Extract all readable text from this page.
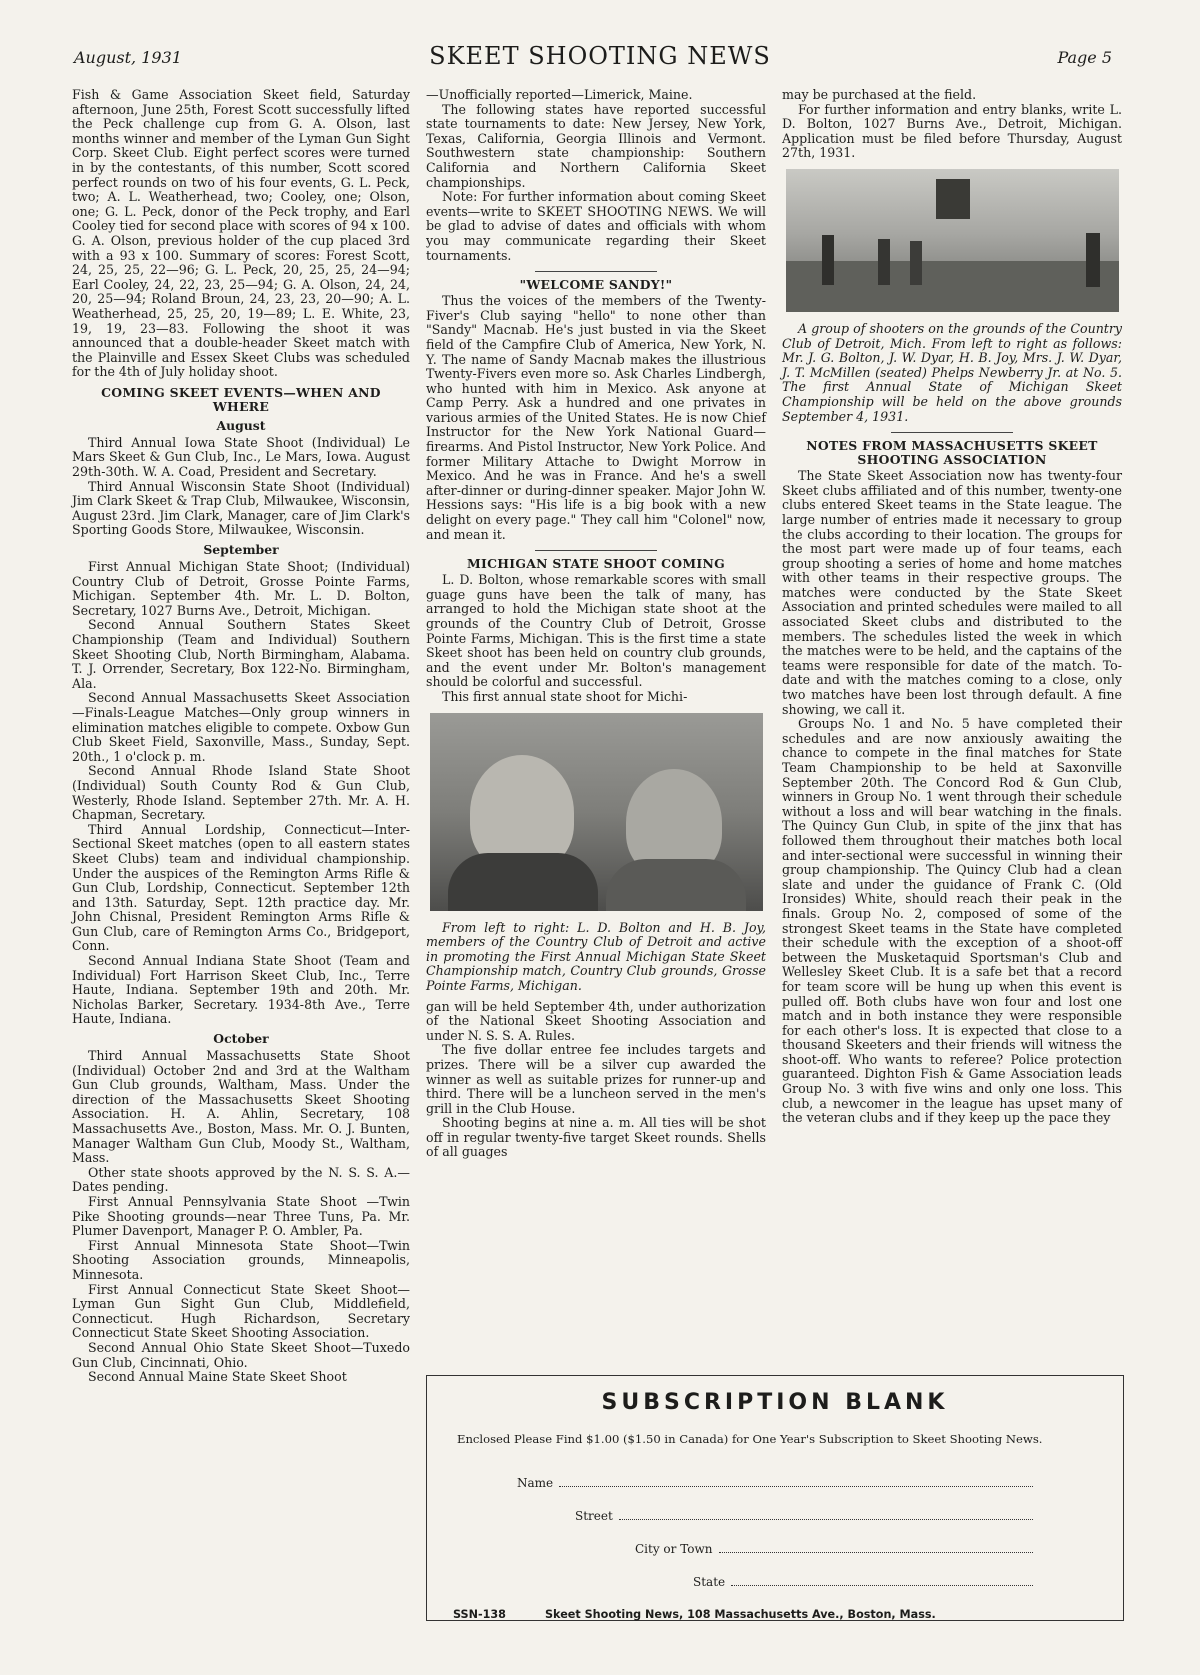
August, 1931	SKEET SHOOTING NEWS	Page 5

Fish & Game Association Skeet field, Saturday afternoon, June 25th, Forest Scott successfully lifted the Peck challenge cup from G. A. Olson, last months winner and member of the Lyman Gun Sight Corp. Skeet Club. Eight perfect scores were turned in by the contestants, of this number, Scott scored perfect rounds on two of his four events, G. L. Peck, two; A. L. Weatherhead, two; Cooley, one; Olson, one; G. L. Peck, donor of the Peck trophy, and Earl Cooley tied for second place with scores of 94 x 100. G. A. Olson, previous holder of the cup placed 3rd with a 93 x 100. Summary of scores: Forest Scott, 24, 25, 25, 22—96; G. L. Peck, 20, 25, 25, 24—94; Earl Cooley, 24, 22, 23, 25—94; G. A. Olson, 24, 24, 20, 25—94; Roland Broun, 24, 23, 23, 20—90; A. L. Weatherhead, 25, 25, 20, 19—89; L. E. White, 23, 19, 19, 23—83. Following the shoot it was announced that a double-header Skeet match with the Plainville and Essex Skeet Clubs was scheduled for the 4th of July holiday shoot.

COMING SKEET EVENTS—WHEN AND WHERE
August

Third Annual Iowa State Shoot (Individual) Le Mars Skeet & Gun Club, Inc., Le Mars, Iowa. August 29th-30th. W. A. Coad, President and Secretary.

Third Annual Wisconsin State Shoot (Individual) Jim Clark Skeet & Trap Club, Milwaukee, Wisconsin, August 23rd. Jim Clark, Manager, care of Jim Clark's Sporting Goods Store, Milwaukee, Wisconsin.

September

First Annual Michigan State Shoot; (Individual) Country Club of Detroit, Grosse Pointe Farms, Michigan. September 4th. Mr. L. D. Bolton, Secretary, 1027 Burns Ave., Detroit, Michigan.

Second Annual Southern States Skeet Championship (Team and Individual) Southern Skeet Shooting Club, North Birmingham, Alabama. T. J. Orrender, Secretary, Box 122-No. Birmingham, Ala.

Second Annual Massachusetts Skeet Association—Finals-League Matches—Only group winners in elimination matches eligible to compete. Oxbow Gun Club Skeet Field, Saxonville, Mass., Sunday, Sept. 20th., 1 o'clock p. m.

Second Annual Rhode Island State Shoot (Individual) South County Rod & Gun Club, Westerly, Rhode Island. September 27th. Mr. A. H. Chapman, Secretary.

Third Annual Lordship, Connecticut—Inter-Sectional Skeet matches (open to all eastern states Skeet Clubs) team and individual championship. Under the auspices of the Remington Arms Rifle & Gun Club, Lordship, Connecticut. September 12th and 13th. Saturday, Sept. 12th practice day. Mr. John Chisnal, President Remington Arms Rifle & Gun Club, care of Remington Arms Co., Bridgeport, Conn.

Second Annual Indiana State Shoot (Team and Individual) Fort Harrison Skeet Club, Inc., Terre Haute, Indiana. September 19th and 20th. Mr. Nicholas Barker, Secretary. 1934-8th Ave., Terre Haute, Indiana.

October

Third Annual Massachusetts State Shoot (Individual) October 2nd and 3rd at the Waltham Gun Club grounds, Waltham, Mass. Under the direction of the Massachusetts Skeet Shooting Association. H. A. Ahlin, Secretary, 108 Massachusetts Ave., Boston, Mass. Mr. O. J. Bunten, Manager Waltham Gun Club, Moody St., Waltham, Mass.

Other state shoots approved by the N. S. S. A.—Dates pending.

First Annual Pennsylvania State Shoot —Twin Pike Shooting grounds—near Three Tuns, Pa. Mr. Plumer Davenport, Manager P. O. Ambler, Pa.

First Annual Minnesota State Shoot—Twin Shooting Association grounds, Minneapolis, Minnesota.

First Annual Connecticut State Skeet Shoot—Lyman Gun Sight Gun Club, Middlefield, Connecticut. Hugh Richardson, Secretary Connecticut State Skeet Shooting Association.

Second Annual Ohio State Skeet Shoot—Tuxedo Gun Club, Cincinnati, Ohio.

Second Annual Maine State Skeet Shoot

—Unofficially reported—Limerick, Maine.

The following states have reported successful state tournaments to date: New Jersey, New York, Texas, California, Georgia Illinois and Vermont. Southwestern state championship: Southern California and Northern California Skeet championships.

Note: For further information about coming Skeet events—write to SKEET SHOOTING NEWS. We will be glad to advise of dates and officials with whom you may communicate regarding their Skeet tournaments.

"WELCOME SANDY!"

Thus the voices of the members of the Twenty-Fiver's Club saying "hello" to none other than "Sandy" Macnab. He's just busted in via the Skeet field of the Campfire Club of America, New York, N. Y. The name of Sandy Macnab makes the illustrious Twenty-Fivers even more so. Ask Charles Lindbergh, who hunted with him in Mexico. Ask anyone at Camp Perry. Ask a hundred and one privates in various armies of the United States. He is now Chief Instructor for the New York National Guard—firearms. And Pistol Instructor, New York Police. And former Military Attache to Dwight Morrow in Mexico. And he was in France. And he's a swell after-dinner or during-dinner speaker. Major John W. Hessions says: "His life is a big book with a new delight on every page." They call him "Colonel" now, and mean it.

MICHIGAN STATE SHOOT COMING

L. D. Bolton, whose remarkable scores with small guage guns have been the talk of many, has arranged to hold the Michigan state shoot at the grounds of the Country Club of Detroit, Grosse Pointe Farms, Michigan. This is the first time a state Skeet shoot has been held on country club grounds, and the event under Mr. Bolton's management should be colorful and successful.

This first annual state shoot for Michi-

From left to right: L. D. Bolton and H. B. Joy, members of the Country Club of Detroit and active in promoting the First Annual Michigan State Skeet Championship match, Country Club grounds, Grosse Pointe Farms, Michigan.

gan will be held September 4th, under authorization of the National Skeet Shooting Association and under N. S. S. A. Rules.

The five dollar entree fee includes targets and prizes. There will be a silver cup awarded the winner as well as suitable prizes for runner-up and third. There will be a luncheon served in the men's grill in the Club House.

Shooting begins at nine a. m. All ties will be shot off in regular twenty-five target Skeet rounds. Shells of all guages

may be purchased at the field.

For further information and entry blanks, write L. D. Bolton, 1027 Burns Ave., Detroit, Michigan. Application must be filed before Thursday, August 27th, 1931.

A group of shooters on the grounds of the Country Club of Detroit, Mich. From left to right as follows: Mr. J. G. Bolton, J. W. Dyar, H. B. Joy, Mrs. J. W. Dyar, J. T. McMillen (seated) Phelps Newberry Jr. at No. 5. The first Annual State of Michigan Skeet Championship will be held on the above grounds September 4, 1931.

NOTES FROM MASSACHUSETTS SKEET SHOOTING ASSOCIATION

The State Skeet Association now has twenty-four Skeet clubs affiliated and of this number, twenty-one clubs entered Skeet teams in the State league. The large number of entries made it necessary to group the clubs according to their location. The groups for the most part were made up of four teams, each group shooting a series of home and home matches with other teams in their respective groups. The matches were conducted by the State Skeet Association and printed schedules were mailed to all associated Skeet clubs and distributed to the members. The schedules listed the week in which the matches were to be held, and the captains of the teams were responsible for date of the match. To-date and with the matches coming to a close, only two matches have been lost through default. A fine showing, we call it.

Groups No. 1 and No. 5 have completed their schedules and are now anxiously awaiting the chance to compete in the final matches for State Team Championship to be held at Saxonville September 20th. The Concord Rod & Gun Club, winners in Group No. 1 went through their schedule without a loss and will bear watching in the finals. The Quincy Gun Club, in spite of the jinx that has followed them throughout their matches both local and inter-sectional were successful in winning their group championship. The Quincy Club had a clean slate and under the guidance of Frank C. (Old Ironsides) White, should reach their peak in the finals. Group No. 2, composed of some of the strongest Skeet teams in the State have completed their schedule with the exception of a shoot-off between the Musketaquid Sportsman's Club and Wellesley Skeet Club. It is a safe bet that a record for team score will be hung up when this event is pulled off. Both clubs have won four and lost one match and in both instance they were responsible for each other's loss. It is expected that close to a thousand Skeeters and their friends will witness the shoot-off. Who wants to referee? Police protection guaranteed. Dighton Fish & Game Association leads Group No. 3 with five wins and only one loss. This club, a newcomer in the league has upset many of the veteran clubs and if they keep up the pace they

SUBSCRIPTION BLANK
Enclosed Please Find $1.00 ($1.50 in Canada) for One Year's Subscription to Skeet Shooting News.
Name
Street
City or Town
State
SSN-138	Skeet Shooting News, 108 Massachusetts Ave., Boston, Mass.
